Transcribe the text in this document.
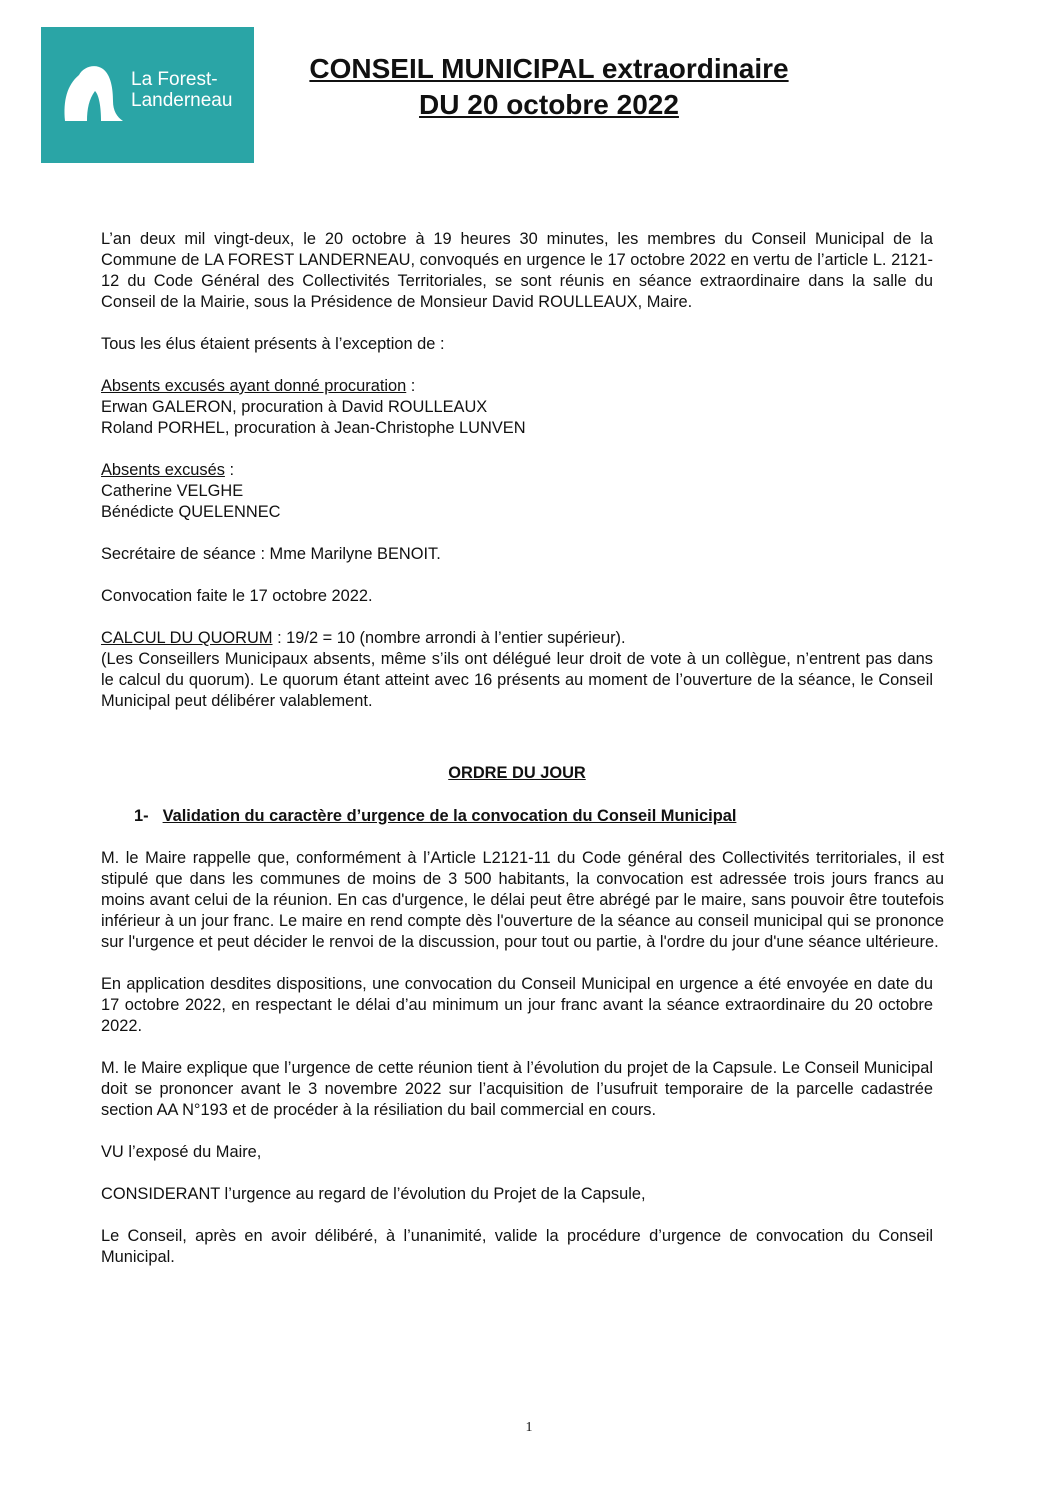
La Forest-
Landerneau
CONSEIL MUNICIPAL extraordinaire
DU 20 octobre 2022

L’an deux mil vingt-deux, le 20 octobre à 19 heures 30 minutes, les membres du Conseil Municipal de la Commune de LA FOREST LANDERNEAU, convoqués en urgence le 17 octobre 2022 en vertu de l’article L. 2121-12 du Code Général des Collectivités Territoriales, se sont réunis en séance extraordinaire dans la salle du Conseil de la Mairie, sous la Présidence de Monsieur David ROULLEAUX, Maire.

Tous les élus étaient présents à l’exception de :

Absents excusés ayant donné procuration :
Erwan GALERON, procuration à David ROULLEAUX
Roland PORHEL, procuration à Jean-Christophe LUNVEN

Absents excusés :
Catherine VELGHE
Bénédicte QUELENNEC

Secrétaire de séance : Mme Marilyne BENOIT.

Convocation faite le 17 octobre 2022.

CALCUL DU QUORUM : 19/2 = 10 (nombre arrondi à l’entier supérieur).
(Les Conseillers Municipaux absents, même s’ils ont délégué leur droit de vote à un collègue, n’entrent pas dans le calcul du quorum). Le quorum étant atteint avec 16 présents au moment de l’ouverture de la séance, le Conseil Municipal peut délibérer valablement.

ORDRE DU JOUR
1- Validation du caractère d’urgence de la convocation du Conseil Municipal

M. le Maire rappelle que, conformément à l’Article L2121-11 du Code général des Collectivités territoriales, il est stipulé que dans les communes de moins de 3 500 habitants, la convocation est adressée trois jours francs au moins avant celui de la réunion. En cas d'urgence, le délai peut être abrégé par le maire, sans pouvoir être toutefois inférieur à un jour franc. Le maire en rend compte dès l'ouverture de la séance au conseil municipal qui se prononce sur l'urgence et peut décider le renvoi de la discussion, pour tout ou partie, à l'ordre du jour d'une séance ultérieure.

En application desdites dispositions, une convocation du Conseil Municipal en urgence a été envoyée en date du 17 octobre 2022, en respectant le délai d’au minimum un jour franc avant la séance extraordinaire du 20 octobre 2022.

M. le Maire explique que l’urgence de cette réunion tient à l’évolution du projet de la Capsule. Le Conseil Municipal doit se prononcer avant le 3 novembre 2022 sur l’acquisition de l’usufruit temporaire de la parcelle cadastrée section AA N°193 et de procéder à la résiliation du bail commercial en cours.

VU l’exposé du Maire,

CONSIDERANT l’urgence au regard de l’évolution du Projet de la Capsule,

Le Conseil, après en avoir délibéré, à l’unanimité, valide la procédure d’urgence de convocation du Conseil Municipal.

1
